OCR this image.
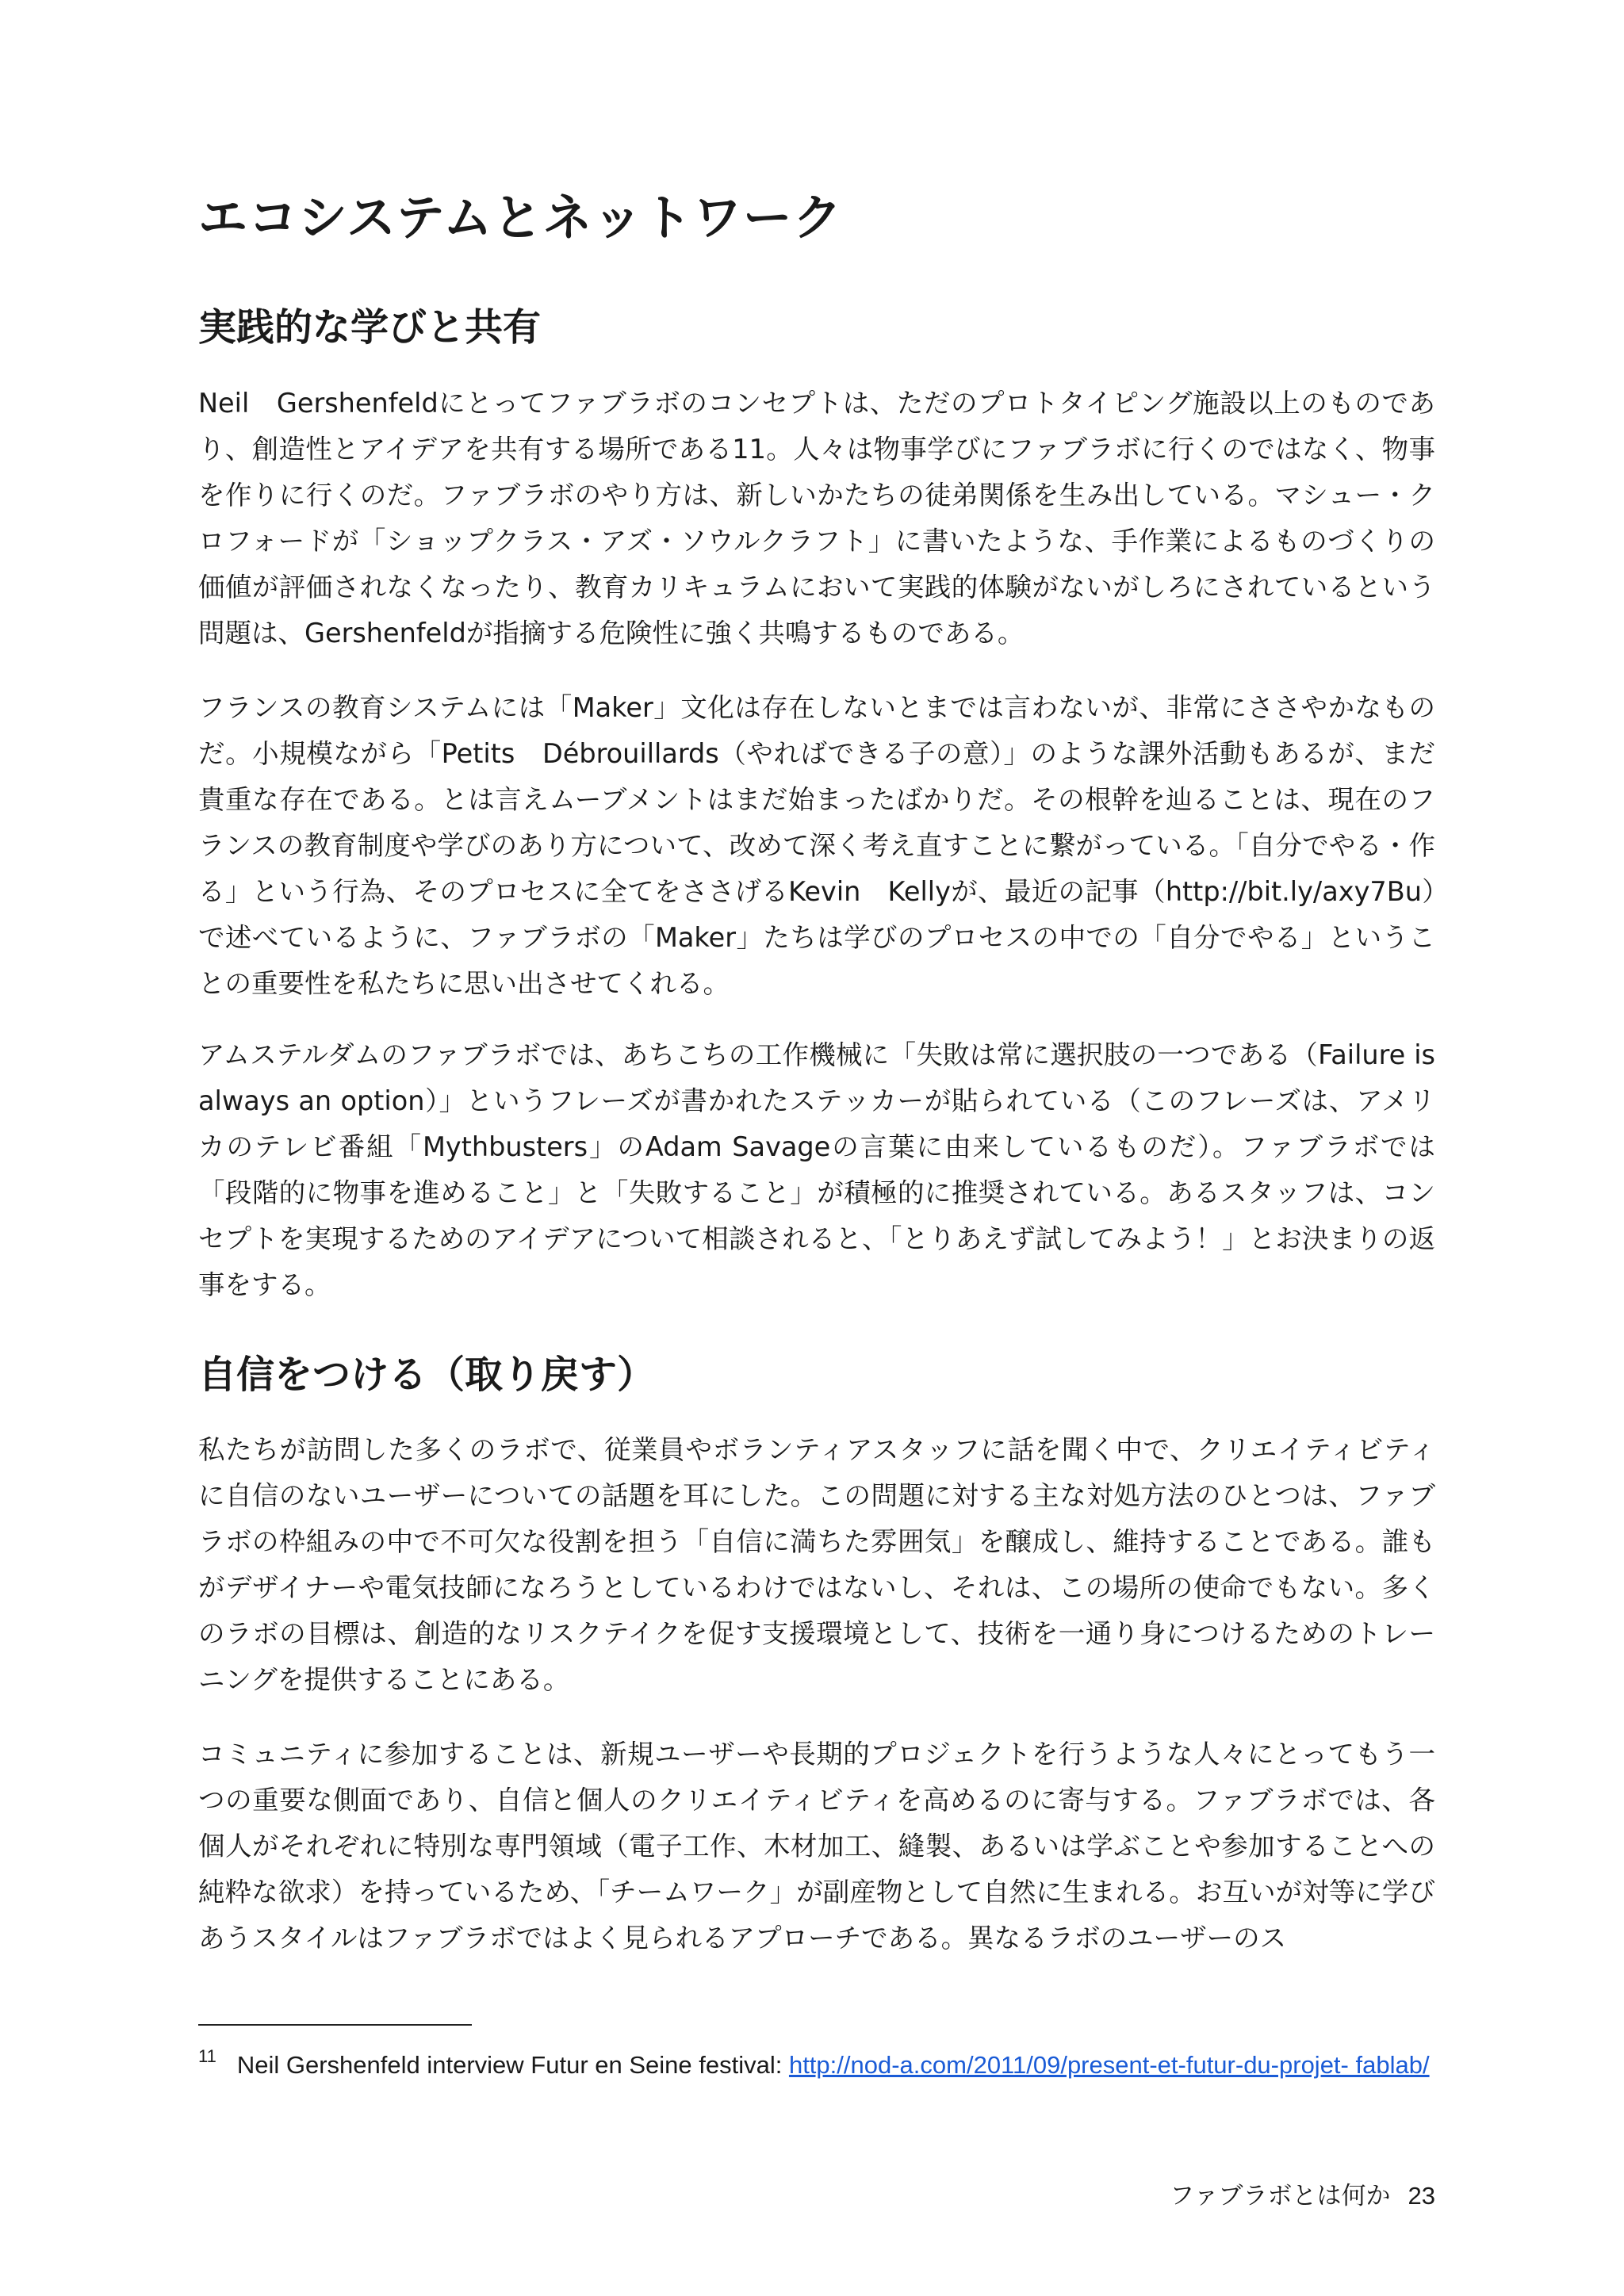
エコシステムとネットワーク
実践的な学びと共有

Neil　Gershenfeldにとってファブラボのコンセプトは、ただのプロトタイピング施設以上のものであり、創造性とアイデアを共有する場所である11。人々は物事学びにファブラボに行くのではなく、物事を作りに行くのだ。ファブラボのやり方は、新しいかたちの徒弟関係を生み出している。マシュー・クロフォードが「ショップクラス・アズ・ソウルクラフト」に書いたような、手作業によるものづくりの価値が評価されなくなったり、教育カリキュラムにおいて実践的体験がないがしろにされているという問題は、Gershenfeldが指摘する危険性に強く共鳴するものである。

フランスの教育システムには「Maker」文化は存在しないとまでは言わないが、非常にささやかなものだ。小規模ながら「Petits　Débrouillards（やればできる子の意）」のような課外活動もあるが、まだ貴重な存在である。とは言えムーブメントはまだ始まったばかりだ。その根幹を辿ることは、現在のフランスの教育制度や学びのあり方について、改めて深く考え直すことに繋がっている。「自分でやる・作る」という行為、そのプロセスに全てをささげるKevin　Kellyが、最近の記事（http://bit.ly/axy7Bu）で述べているように、ファブラボの「Maker」たちは学びのプロセスの中での「自分でやる」ということの重要性を私たちに思い出させてくれる。

アムステルダムのファブラボでは、あちこちの工作機械に「失敗は常に選択肢の一つである（Failure is always an option）」というフレーズが書かれたステッカーが貼られている（このフレーズは、アメリカのテレビ番組「Mythbusters」のAdam Savageの言葉に由来しているものだ）。ファブラボでは「段階的に物事を進めること」と「失敗すること」が積極的に推奨されている。あるスタッフは、コンセプトを実現するためのアイデアについて相談されると、「とりあえず試してみよう！」とお決まりの返事をする。

自信をつける（取り戻す）

私たちが訪問した多くのラボで、従業員やボランティアスタッフに話を聞く中で、クリエイティビティに自信のないユーザーについての話題を耳にした。この問題に対する主な対処方法のひとつは、ファブラボの枠組みの中で不可欠な役割を担う「自信に満ちた雰囲気」を醸成し、維持することである。誰もがデザイナーや電気技師になろうとしているわけではないし、それは、この場所の使命でもない。多くのラボの目標は、創造的なリスクテイクを促す支援環境として、技術を一通り身につけるためのトレーニングを提供することにある。

コミュニティに参加することは、新規ユーザーや長期的プロジェクトを行うような人々にとってもう一つの重要な側面であり、自信と個人のクリエイティビティを高めるのに寄与する。ファブラボでは、各個人がそれぞれに特別な専門領域（電子工作、木材加工、縫製、あるいは学ぶことや参加することへの純粋な欲求）を持っているため、「チームワーク」が副産物として自然に生まれる。お互いが対等に学びあうスタイルはファブラボではよく見られるアプローチである。異なるラボのユーザーのス

$^{11}$ Neil Gershenfeld interview Futur en Seine festival: http://nod-a.com/2011/09/present-et-futur-du-projet- fablab/

ファブラボとは何か 23
